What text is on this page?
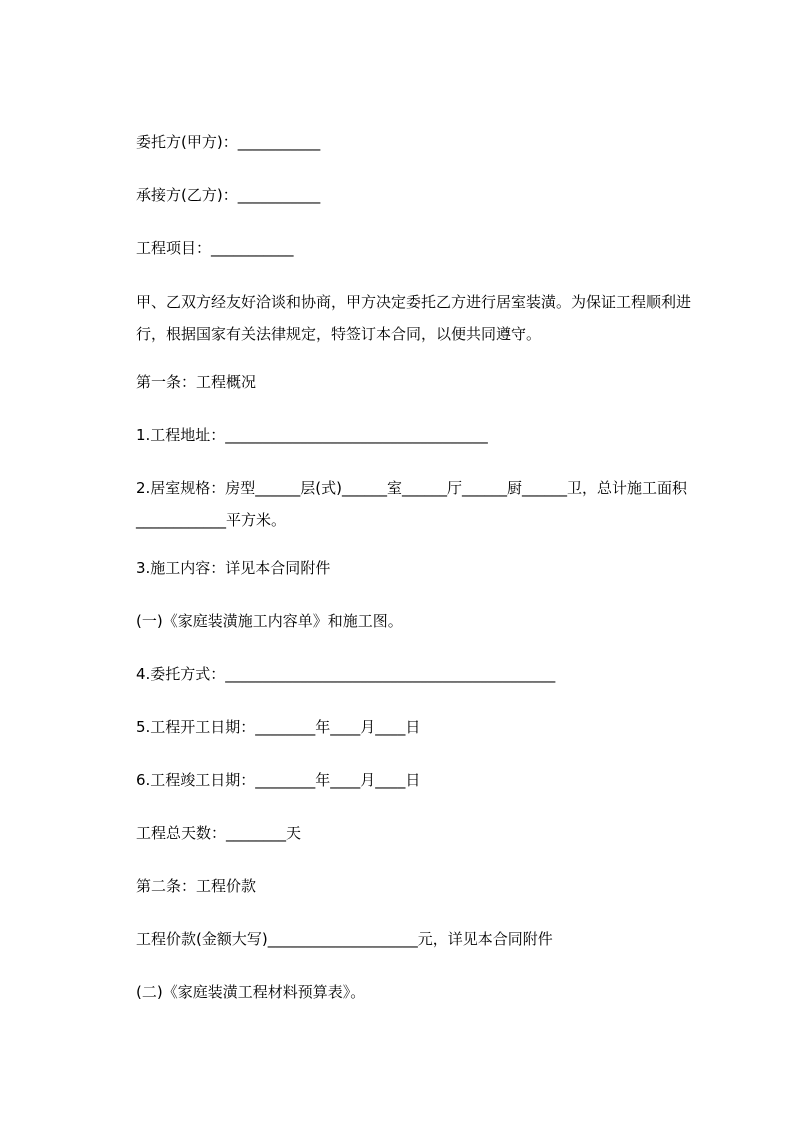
委托方(甲方)：___________

承接方(乙方)：___________

工程项目：___________

甲、乙双方经友好洽谈和协商，甲方决定委托乙方进行居室装潢。为保证工程顺利进行，根据国家有关法律规定，特签订本合同，以便共同遵守。

第一条：工程概况

1.工程地址：___________________________________

2.居室规格：房型______层(式)______室______厅______厨______卫，总计施工面积____________平方米。

3.施工内容：详见本合同附件

(一)《家庭装潢施工内容单》和施工图。

4.委托方式：____________________________________________

5.工程开工日期：________年____月____日

6.工程竣工日期：________年____月____日

工程总天数：________天

第二条：工程价款

工程价款(金额大写)____________________元，详见本合同附件

(二)《家庭装潢工程材料预算表》。
